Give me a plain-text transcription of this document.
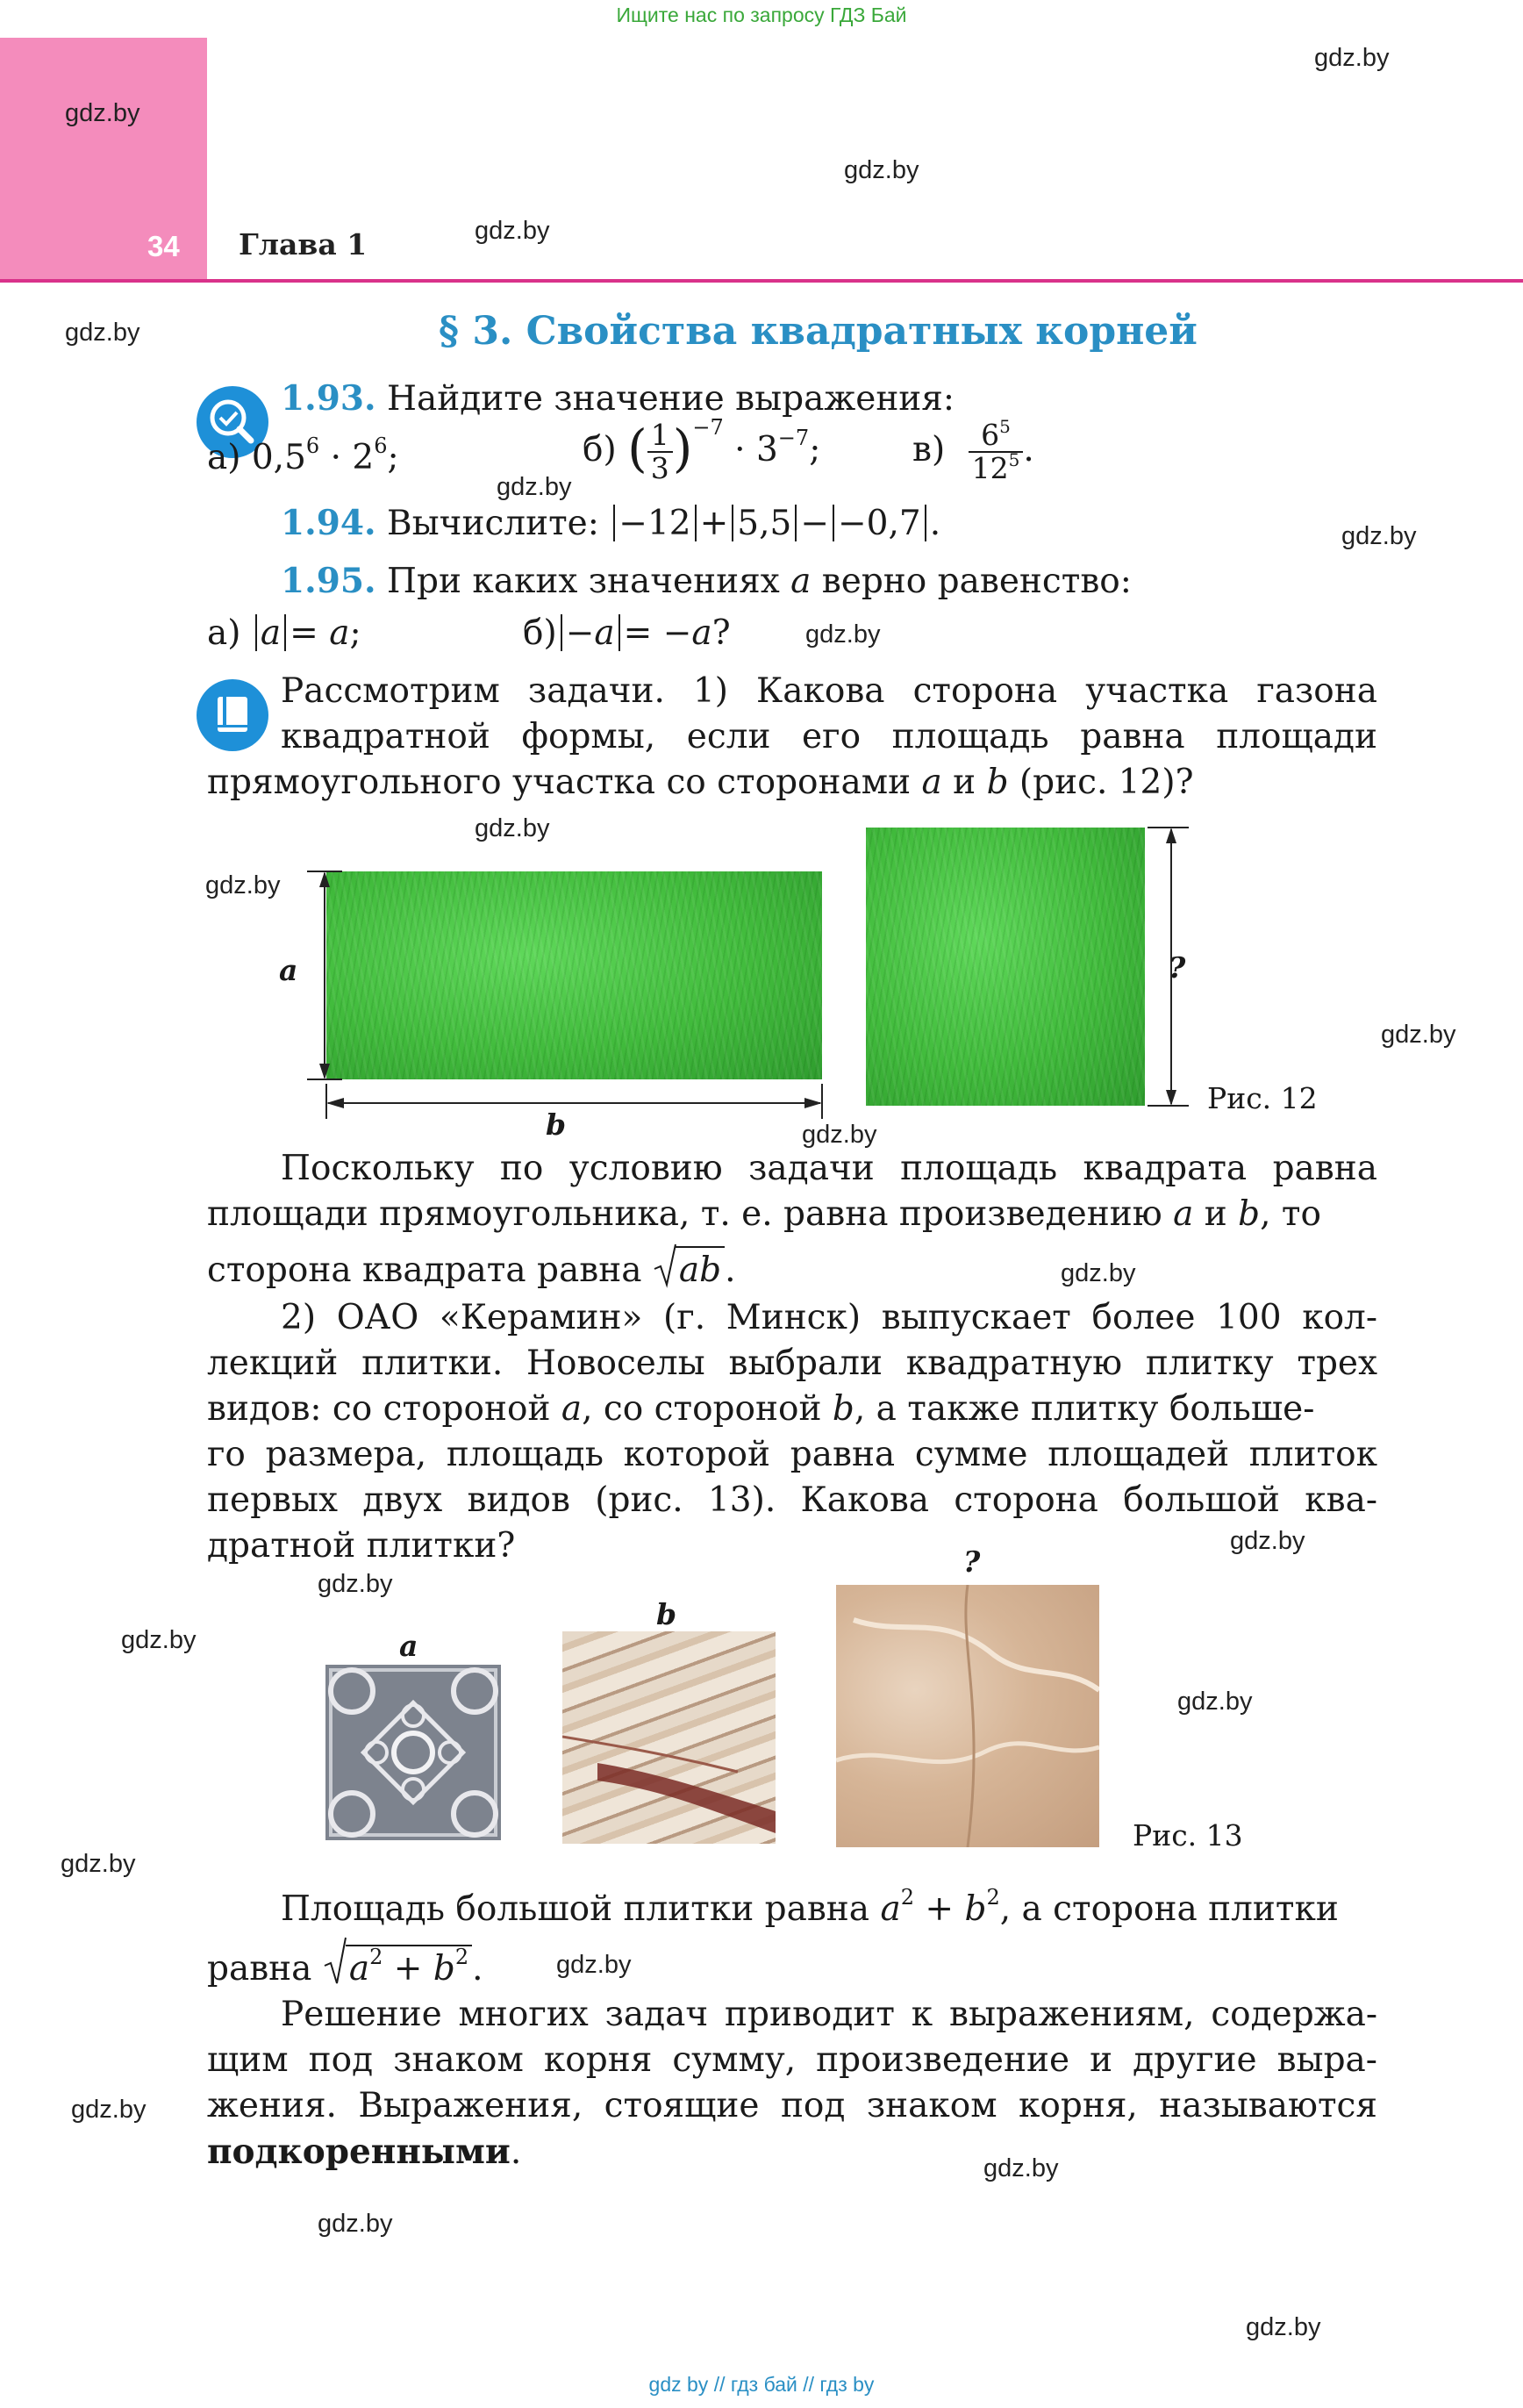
Ищите нас по запросу ГДЗ Бай
34 Глава 1
gdz.by
gdz.by
gdz.by
gdz.by
gdz.by
gdz.by
gdz.by
gdz.by
gdz.by
gdz.by
gdz.by
gdz.by
gdz.by
gdz.by
gdz.by
gdz.by
gdz.by
gdz.by
gdz.by
gdz.by
gdz.by
gdz.by
gdz.by
§ 3. Свойства квадратных корней
1.93. Найдите значение выражения:
а) $0,5^6 \cdot 2^6$;	б) ( $\frac{1}{3} )^{-7} \cdot 3^{-7}$;	$в) \frac{6^5}{12^5}$ .
1.94. Вычислите: −12 + 5,5 − −0,7 .
1.95. При каких значениях a верно равенство:
а) a = a;	б) −a = −a?
Рассмотрим задачи. 1) Какова сторона участка газона
квадратной формы, если его площадь равна площади
прямоугольного участка со сторонами a и b (рис. 12)?
a
b
?
Рис. 12
Поскольку по условию задачи площадь квадрата равна
площади прямоугольника, т. е. равна произведению a и b, то
сторона квадрата равна ab .
2) ОАО «Керамин» (г. Минск) выпускает более 100 кол-
лекций плитки. Новоселы выбрали квадратную плитку трех
видов: со стороной a, со стороной b, а также плитку большe-
го размера, площадь которой равна сумме площадей плиток
первых двух видов (рис. 13). Какова сторона большой ква-
дратной плитки?
a
b
?
Рис. 13
Площадь большой плитки равна $a^2 + b^2$, а сторона плитки
равна $a^2 + b^2$ .
Решение многих задач приводит к выражениям, содержа-
щим под знаком корня сумму, произведение и другие выра-
жения. Выражения, стоящие под знаком корня, называются
подкоренными.
gdz by // гдз бай // гдз by
